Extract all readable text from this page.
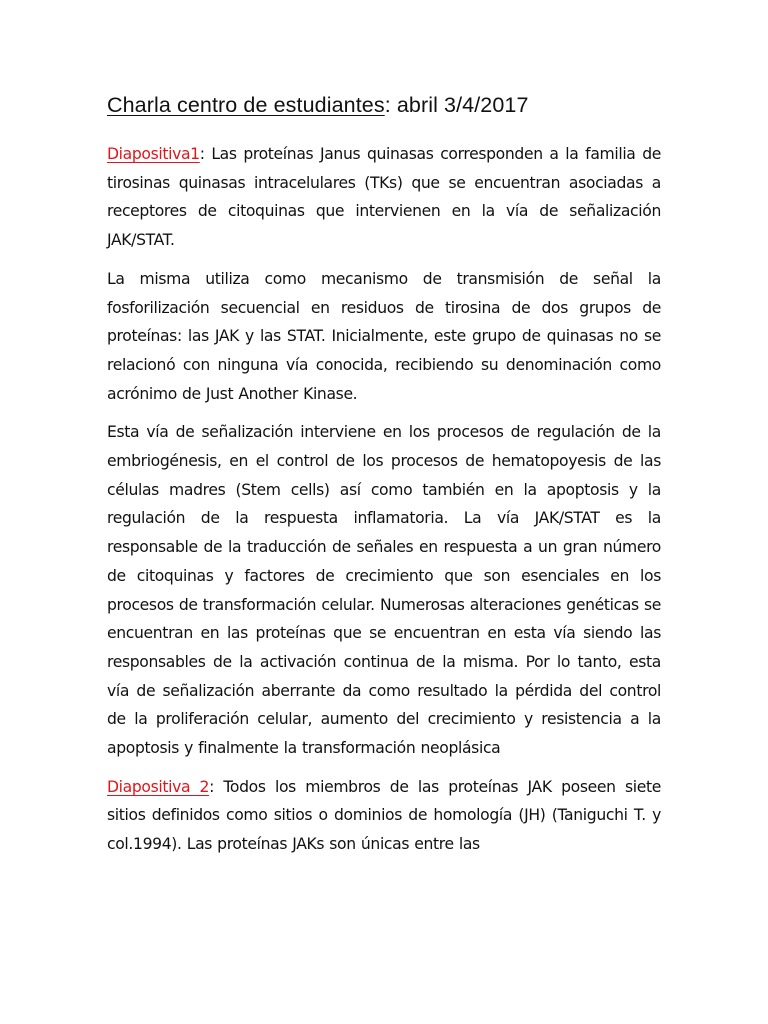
Charla centro de estudiantes: abril 3/4/2017

Diapositiva1: Las proteínas Janus quinasas corresponden a la familia de tirosinas quinasas intracelulares (TKs) que se encuentran asociadas a receptores de citoquinas que intervienen en la vía de señalización JAK/STAT.

La misma utiliza como mecanismo de transmisión de señal la fosforilización secuencial en residuos de tirosina de dos grupos de proteínas: las JAK y las STAT. Inicialmente, este grupo de quinasas no se relacionó con ninguna vía conocida, recibiendo su denominación como acrónimo de Just Another Kinase.

Esta vía de señalización interviene en los procesos de regulación de la embriogénesis, en el control de los procesos de hematopoyesis de las células madres (Stem cells) así como también en la apoptosis y la regulación de la respuesta inflamatoria. La vía JAK/STAT es la responsable de la traducción de señales en respuesta a un gran número de citoquinas y factores de crecimiento que son esenciales en los procesos de transformación celular. Numerosas alteraciones genéticas se encuentran en las proteínas que se encuentran en esta vía siendo las responsables de la activación continua de la misma. Por lo tanto, esta vía de señalización aberrante da como resultado la pérdida del control de la proliferación celular, aumento del crecimiento y resistencia a la apoptosis y finalmente la transformación neoplásica

Diapositiva 2: Todos los miembros de las proteínas JAK poseen siete sitios definidos como sitios o dominios de homología (JH) (Taniguchi T. y col.1994). Las proteínas JAKs son únicas entre las
